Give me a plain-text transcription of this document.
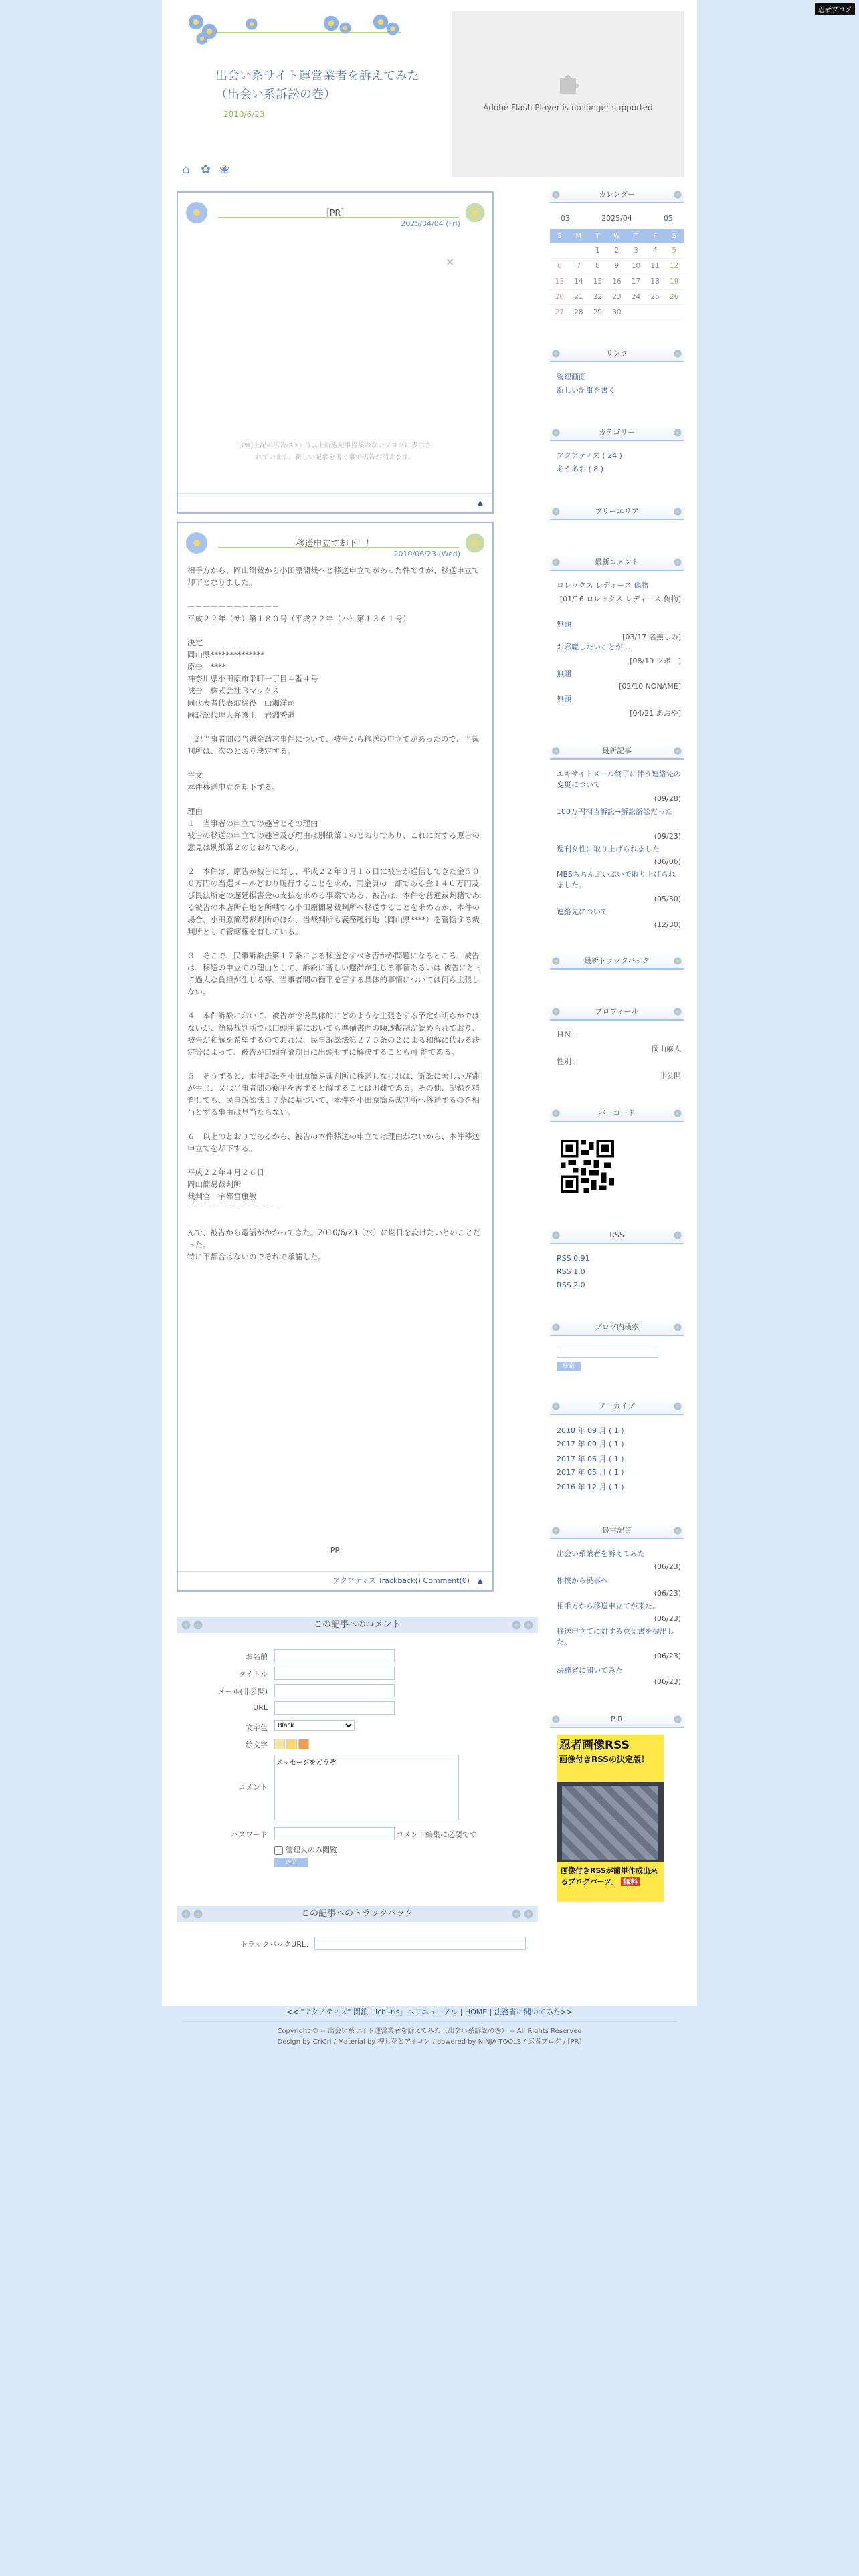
忍者ブログ
出会い系サイト運営業者を訴えてみた（出会い系訴訟の巻）
2010/6/23
Adobe Flash Player is no longer supported
⌂ ✿ ❀
［PR］
2025/04/04 (Fri)
×
[PR]上記の広告は3ヶ月以上新規記事投稿のないブログに表示さ
れています。新しい記事を書く事で広告が消えます。
▲
移送申立て却下！！
2010/06/23 (Wed)

相手方から、岡山簡裁から小田原簡裁へと移送申立てがあった件ですが、移送申立て却下となりました。

－－－－－－－－－－－－

平成２２年（サ）第１８０号（平成２２年（ハ）第１３６１号）

決定

岡山県**************

原告　****

神奈川県小田原市栄町一丁目４番４号

被告　株式会社Ｂマックス

同代表者代表取締役　山瀬洋司

同訴訟代理人弁護士　岩淵秀道

上記当事者間の当選金請求事件について、被告から移送の申立てがあったので、当裁判所は、次のとおり決定する。

主文

本件移送申立を却下する。

理由

１　当事者の申立ての趣旨とその理由

被告の移送の申立ての趣旨及び理由は別紙第１のとおりであり、これに対する原告の意見は別紙第２のとおりである。

２　本件は、原告が被告に対し、平成２２年３月１６日に被告が送信してきた金５００万円の当選メールどおり履行することを求め、同金員の一部である金１４０万円及び民法所定の遅延損害金の支払を求める事案である。被告は、本件を普通裁判籍である被告の本店所在地を所轄する小田原簡易裁判所へ移送することを求めるが、本件の場合、小田原簡易裁判所のほか、当裁判所も義務履行地（岡山県****）を管轄する裁判所として管轄権を有している。

３　そこで、民事訴訟法第１７条による移送をすべき否かが問題になるところ、被告は、移送の申立ての理由として、訴訟に著しい遅滞が生じる事情あるいは 被告にとって過大な負担が生じる等、当事者間の衡平を害する具体的事情については何ら主張しない。

４　本件訴訟において、被告が今後具体的にどのような主張をする予定か明らかではないが、簡易裁判所では口頭主張においても準備書面の陳述擬制が認められており、被告が和解を希望するのであれば、民事訴訟法第２７５条の２による和解に代わる決定等によって、被告が口頭弁論期日に出頭せずに解決することも可 能である。

５　そうすると、本件訴訟を小田原簡易裁判所に移送しなければ、訴訟に著しい遅滞が生じ、又は当事者間の衡平を害すると解することは困難である。その他、記録を精査しても、民事訴訟法１７条に基づいて、本件を小田原簡易裁判所へ移送するのを相当とする事由は見当たらない。

６　以上のとおりであるから、被告の本件移送の申立ては理由がないから、本件移送申立てを却下する。

平成２２年４月２６日

岡山簡易裁判所

裁判官　宇都宮康敏

－－－－－－－－－－－－

んで、被告から電話がかかってきた。2010/6/23（水）に期日を設けたいとのことだった。

特に不都合はないのでそれで承諾した。

PR
アクアティズ Trackback() Comment(0) ▲
この記事へのコメント
お名前
タイトル
メール(非公開)
URL
文字色
Black
絵文字
コメント
メッセージをどうぞ
パスワード	コメント編集に必要です
管理人のみ閲覧
送信
この記事へのトラックバック
トラックバックURL：
<< "アクアティズ" 閉鎖「ichi-ris」ヘリニューアル | HOME | 法務省に聞いてみた>>
Copyright © -- 出会い系サイト運営業者を訴えてみた（出会い系訴訟の巻） -- All Rights Reserved
Design by CriCri / Material by 押し花とアイコン / powered by NINJA TOOLS / 忍者ブログ / [PR]
カレンダー
03	2025/04	05
S	M	T	W	T	F	S
		1	2	3	4	5
6	7	8	9	10	11	12
13	14	15	16	17	18	19
20	21	22	23	24	25	26
27	28	29	30			
リンク
管理画面
新しい記事を書く
カテゴリー
アクアティズ ( 24 )
あうあお ( 8 )
フリーエリア
最新コメント
ロレックス レディース 偽物
[01/16 ロレックス レディース 偽物]
無題
[03/17 名無しの]
お邪魔したいことが…
[08/19 ツボ　]
無題
[02/10 NONAME]
無題
[04/21 あおや]
最新記事
エキサイトメール終了に伴う連絡先の変更について
(09/28)
100万円相当訴訟→訴訟訴訟だった
(09/23)
週刊女性に取り上げられました
(06/06)
MBSちちんぷいぷいで取り上げられました。
(05/30)
連絡先について
(12/30)
最新トラックバック
プロフィール
ＨＮ：
岡山麻人
性別：
非公開
バーコード
RSS
RSS 0.91
RSS 1.0
RSS 2.0
ブログ内検索
検索
アーカイブ
2018 年 09 月 ( 1 )
2017 年 09 月 ( 1 )
2017 年 06 月 ( 1 )
2017 年 05 月 ( 1 )
2016 年 12 月 ( 1 )
最古記事
出会い系業者を訴えてみた
(06/23)
相撲から民事へ
(06/23)
相手方から移送申立てが来た。
(06/23)
移送申立てに対する意見書を提出した。
(06/23)
法務省に聞いてみた
(06/23)
P R
忍者画像RSS
画像付きRSSの決定版！
画像付きRSSが簡単作成出来るブログパーツ。 無料
